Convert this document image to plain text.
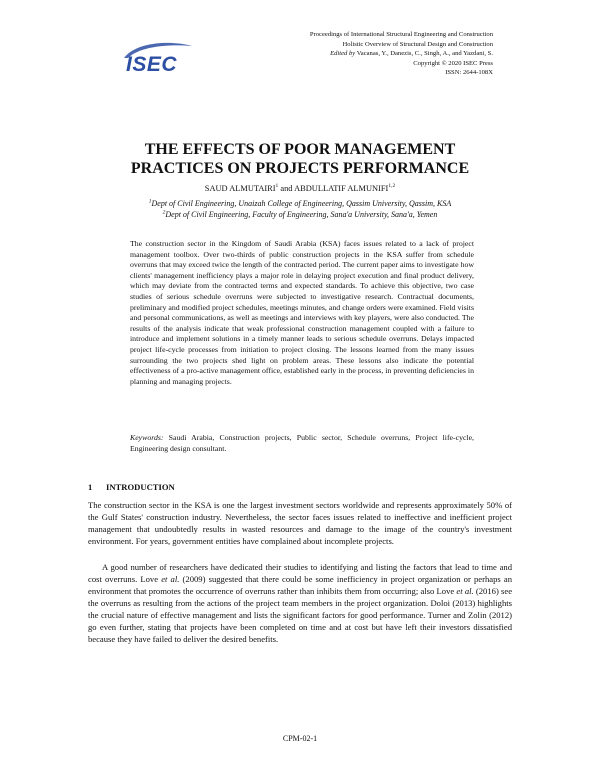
ISEC
Proceedings of International Structural Engineering and Construction
Holistic Overview of Structural Design and Construction
Edited by Vacanas, Y., Danezis, C., Singh, A., and Yazdani, S.
Copyright © 2020 ISEC Press
ISSN: 2644-108X
THE EFFECTS OF POOR MANAGEMENT
PRACTICES ON PROJECTS PERFORMANCE
SAUD ALMUTAIRI$^1$ and ABDULLATIF ALMUNIFI$^{1,2}$
$^1$Dept of Civil Engineering, Unaizah College of Engineering, Qassim University, Qassim, KSA
$^2$Dept of Civil Engineering, Faculty of Engineering, Sana'a University, Sana'a, Yemen

The construction sector in the Kingdom of Saudi Arabia (KSA) faces issues related to a lack of project management toolbox. Over two-thirds of public construction projects in the KSA suffer from schedule overruns that may exceed twice the length of the contracted period. The current paper aims to investigate how clients' management inefficiency plays a major role in delaying project execution and final product delivery, which may deviate from the contracted terms and expected standards. To achieve this objective, two case studies of serious schedule overruns were subjected to investigative research. Contractual documents, preliminary and modified project schedules, meetings minutes, and change orders were examined. Field visits and personal communications, as well as meetings and interviews with key players, were also conducted. The results of the analysis indicate that weak professional construction management coupled with a failure to introduce and implement solutions in a timely manner leads to serious schedule overruns. Delays impacted project life-cycle processes from initiation to project closing. The lessons learned from the many issues surrounding the two projects shed light on problem areas. These lessons also indicate the potential effectiveness of a pro-active management office, established early in the process, in preventing deficiencies in planning and managing projects.

Keywords: Saudi Arabia, Construction projects, Public sector, Schedule overruns, Project life-cycle, Engineering design consultant.

1 INTRODUCTION

The construction sector in the KSA is one the largest investment sectors worldwide and represents approximately 50% of the Gulf States' construction industry. Nevertheless, the sector faces issues related to ineffective and inefficient project management that undoubtedly results in wasted resources and damage to the image of the country's investment environment. For years, government entities have complained about incomplete projects.

A good number of researchers have dedicated their studies to identifying and listing the factors that lead to time and cost overruns. Love et al. (2009) suggested that there could be some inefficiency in project organization or perhaps an environment that promotes the occurrence of overruns rather than inhibits them from occurring; also Love et al. (2016) see the overruns as resulting from the actions of the project team members in the project organization. Doloi (2013) highlights the crucial nature of effective management and lists the significant factors for good performance. Turner and Zolin (2012) go even further, stating that projects have been completed on time and at cost but have left their investors dissatisfied because they have failed to deliver the desired benefits.

CPM-02-1
